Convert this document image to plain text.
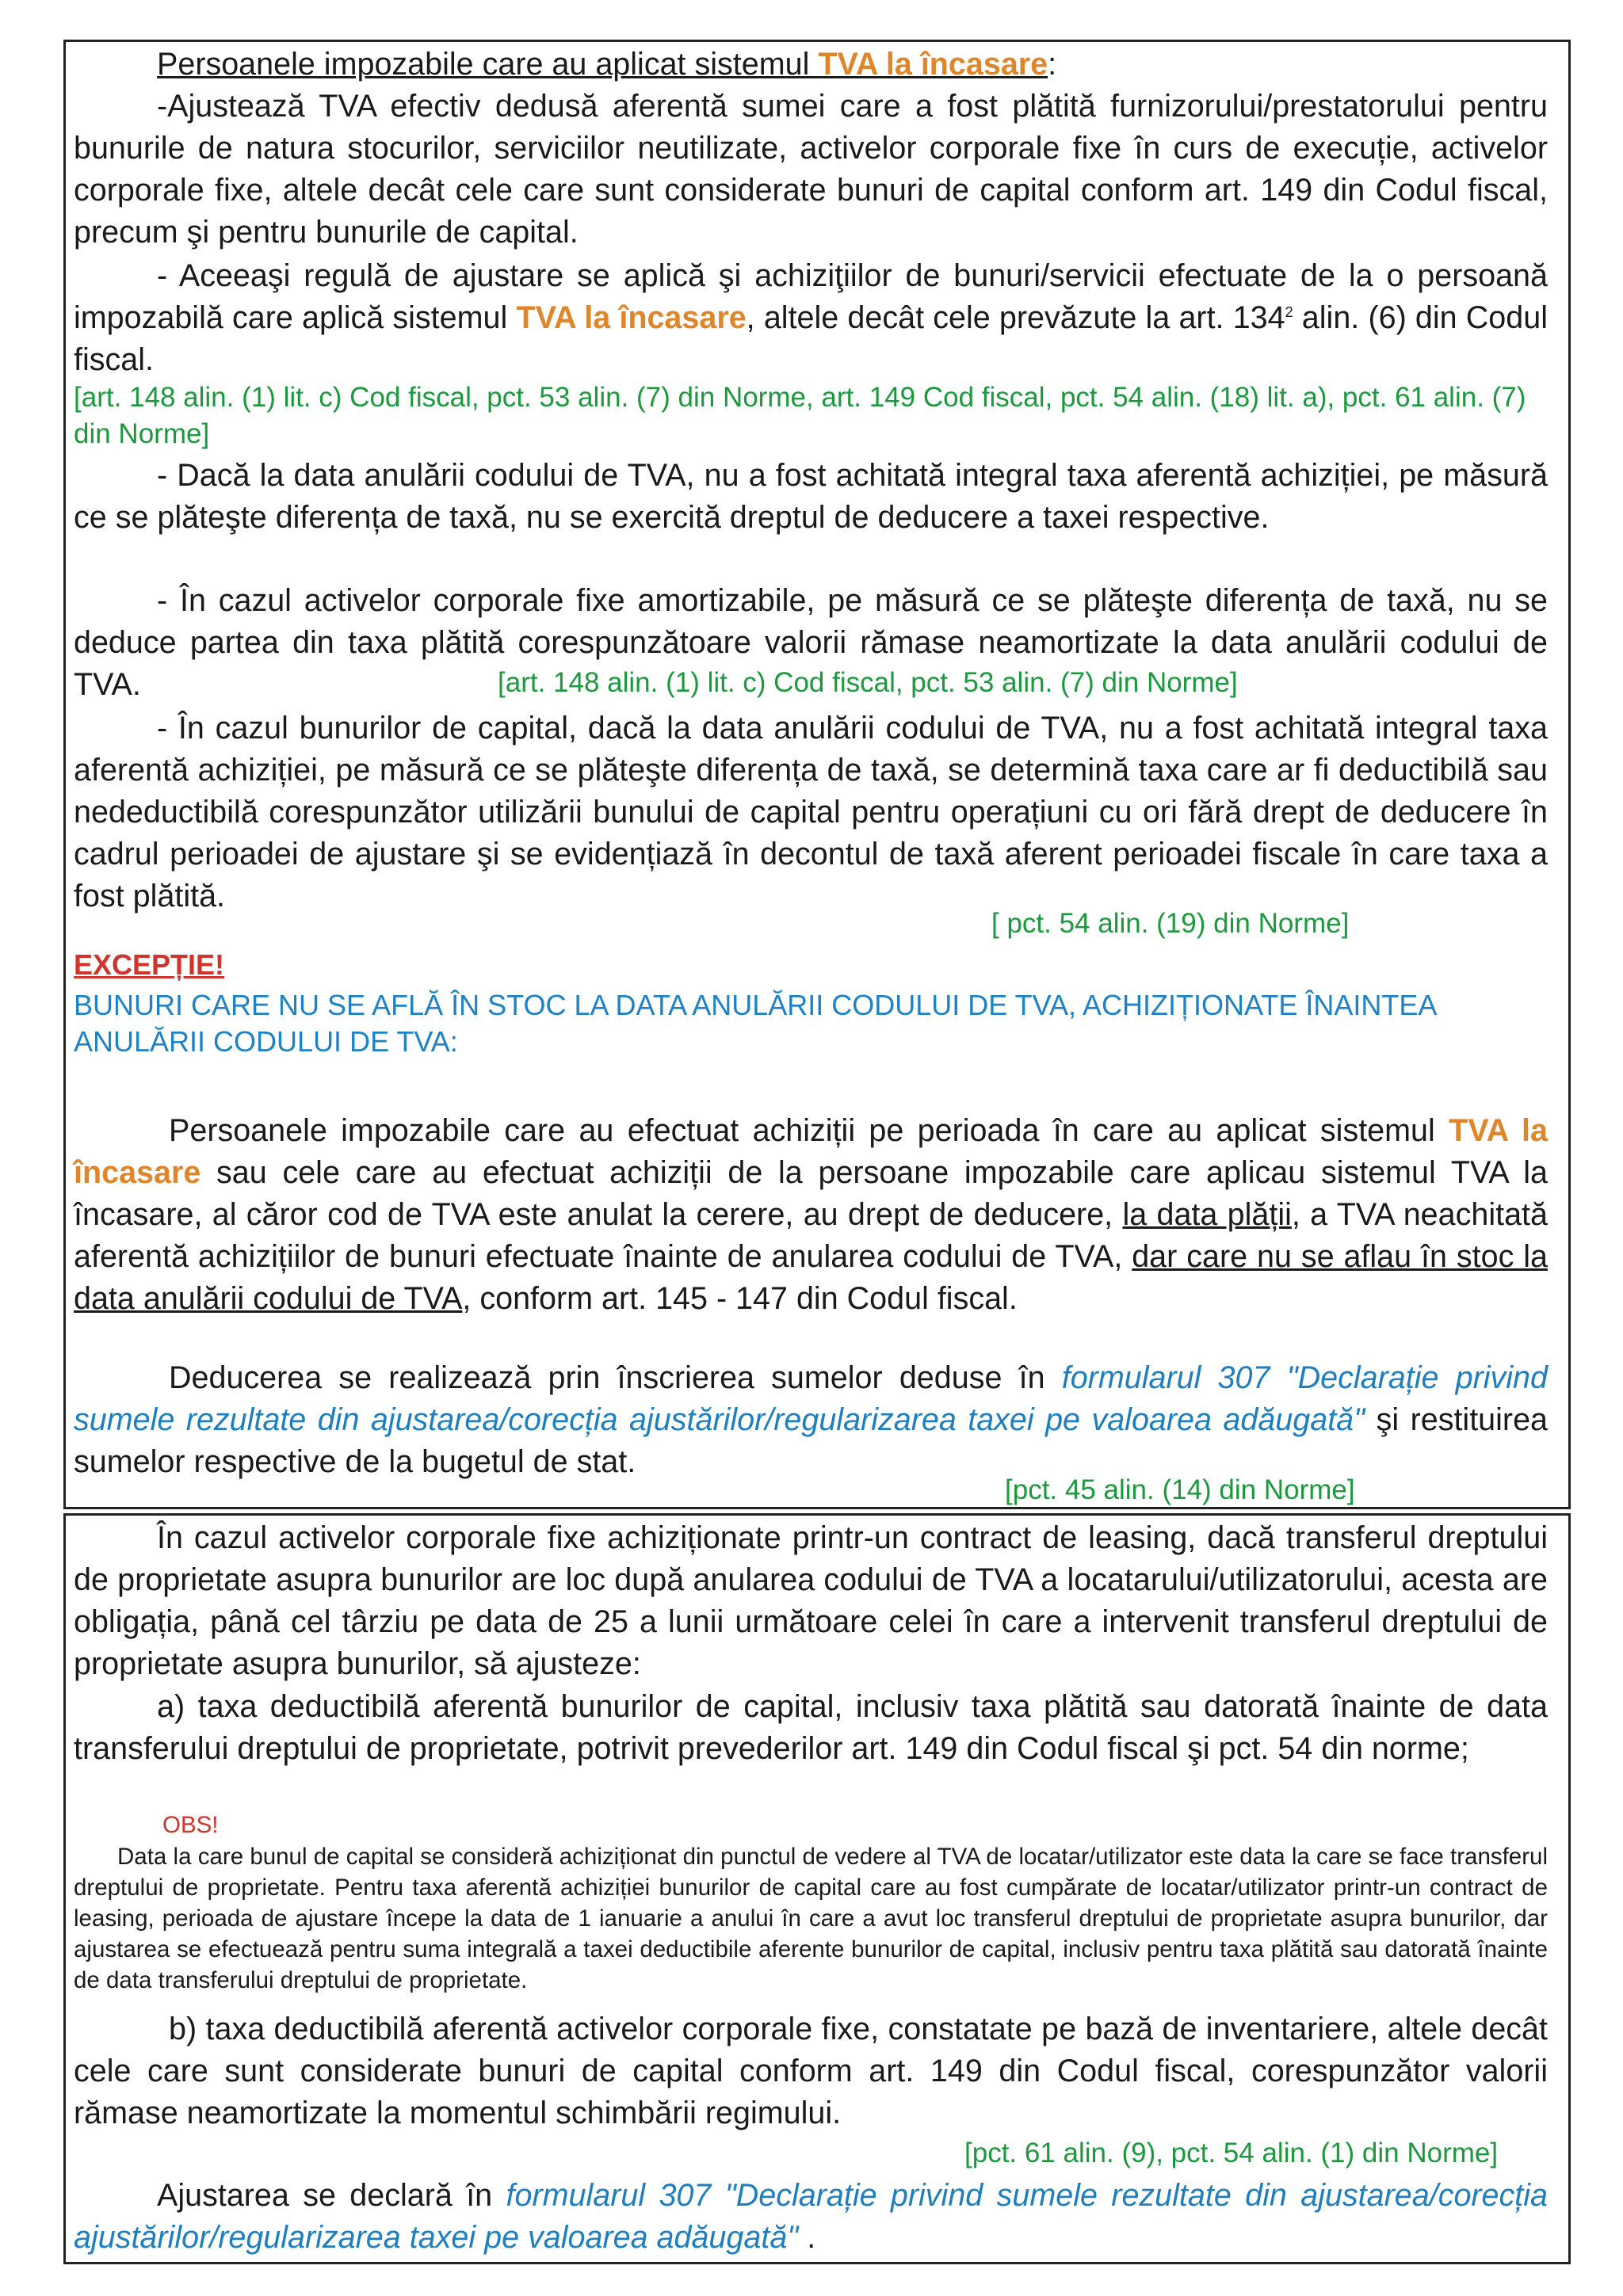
Persoanele impozabile care au aplicat sistemul TVA la încasare:

-Ajustează TVA efectiv dedusă aferentă sumei care a fost plătită furnizorului/prestatorului pentru bunurile de natura stocurilor, serviciilor neutilizate, activelor corporale fixe în curs de execuție, activelor corporale fixe, altele decât cele care sunt considerate bunuri de capital conform art. 149 din Codul fiscal, precum şi pentru bunurile de capital.

- Aceeaşi regulă de ajustare se aplică şi achiziţiilor de bunuri/servicii efectuate de la o persoană impozabilă care aplică sistemul TVA la încasare, altele decât cele prevăzute la art. $134^2$ alin. (6) din Codul fiscal.

[art. 148 alin. (1) lit. c) Cod fiscal, pct. 53 alin. (7) din Norme, art. 149 Cod fiscal, pct. 54 alin. (18) lit. a), pct. 61 alin. (7) din Norme]

- Dacă la data anulării codului de TVA, nu a fost achitată integral taxa aferentă achiziției, pe măsură ce se plăteşte diferența de taxă, nu se exercită dreptul de deducere a taxei respective.

- În cazul activelor corporale fixe amortizabile, pe măsură ce se plăteşte diferența de taxă, nu se deduce partea din taxa plătită corespunzătoare valorii rămase neamortizate la data anulării codului de TVA.	[art. 148 alin. (1) lit. c) Cod fiscal, pct. 53 alin. (7) din Norme]

- În cazul bunurilor de capital, dacă la data anulării codului de TVA, nu a fost achitată integral taxa aferentă achiziției, pe măsură ce se plăteşte diferența de taxă, se determină taxa care ar fi deductibilă sau nedeductibilă corespunzător utilizării bunului de capital pentru operațiuni cu ori fără drept de deducere în cadrul perioadei de ajustare şi se evidențiază în decontul de taxă aferent perioadei fiscale în care taxa a fost plătită.

[ pct. 54 alin. (19) din Norme]

EXCEPȚIE!

BUNURI CARE NU SE AFLĂ ÎN STOC LA DATA ANULĂRII CODULUI DE TVA, ACHIZIȚIONATE ÎNAINTEA ANULĂRII CODULUI DE TVA:

Persoanele impozabile care au efectuat achiziții pe perioada în care au aplicat sistemul TVA la încasare sau cele care au efectuat achiziții de la persoane impozabile care aplicau sistemul TVA la încasare, al căror cod de TVA este anulat la cerere, au drept de deducere, la data plății, a TVA neachitată aferentă achizițiilor de bunuri efectuate înainte de anularea codului de TVA, dar care nu se aflau în stoc la data anulării codului de TVA, conform art. 145 - 147 din Codul fiscal.

Deducerea se realizează prin înscrierea sumelor deduse în formularul 307 "Declarație privind sumele rezultate din ajustarea/corecția ajustărilor/regularizarea taxei pe valoarea adăugată" şi restituirea sumelor respective de la bugetul de stat.

[pct. 45 alin. (14) din Norme]

În cazul activelor corporale fixe achiziționate printr-un contract de leasing, dacă transferul dreptului de proprietate asupra bunurilor are loc după anularea codului de TVA a locatarului/utilizatorului, acesta are obligația, până cel târziu pe data de 25 a lunii următoare celei în care a intervenit transferul dreptului de proprietate asupra bunurilor, să ajusteze:

a) taxa deductibilă aferentă bunurilor de capital, inclusiv taxa plătită sau datorată înainte de data transferului dreptului de proprietate, potrivit prevederilor art. 149 din Codul fiscal şi pct. 54 din norme;

OBS!

Data la care bunul de capital se consideră achiziționat din punctul de vedere al TVA de locatar/utilizator este data la care se face transferul dreptului de proprietate. Pentru taxa aferentă achiziției bunurilor de capital care au fost cumpărate de locatar/utilizator printr-un contract de leasing, perioada de ajustare începe la data de 1 ianuarie a anului în care a avut loc transferul dreptului de proprietate asupra bunurilor, dar ajustarea se efectuează pentru suma integrală a taxei deductibile aferente bunurilor de capital, inclusiv pentru taxa plătită sau datorată înainte de data transferului dreptului de proprietate.

b) taxa deductibilă aferentă activelor corporale fixe, constatate pe bază de inventariere, altele decât cele care sunt considerate bunuri de capital conform art. 149 din Codul fiscal, corespunzător valorii rămase neamortizate la momentul schimbării regimului.

[pct. 61 alin. (9), pct. 54 alin. (1) din Norme]

Ajustarea se declară în formularul 307 "Declarație privind sumele rezultate din ajustarea/corecția ajustărilor/regularizarea taxei pe valoarea adăugată" .
